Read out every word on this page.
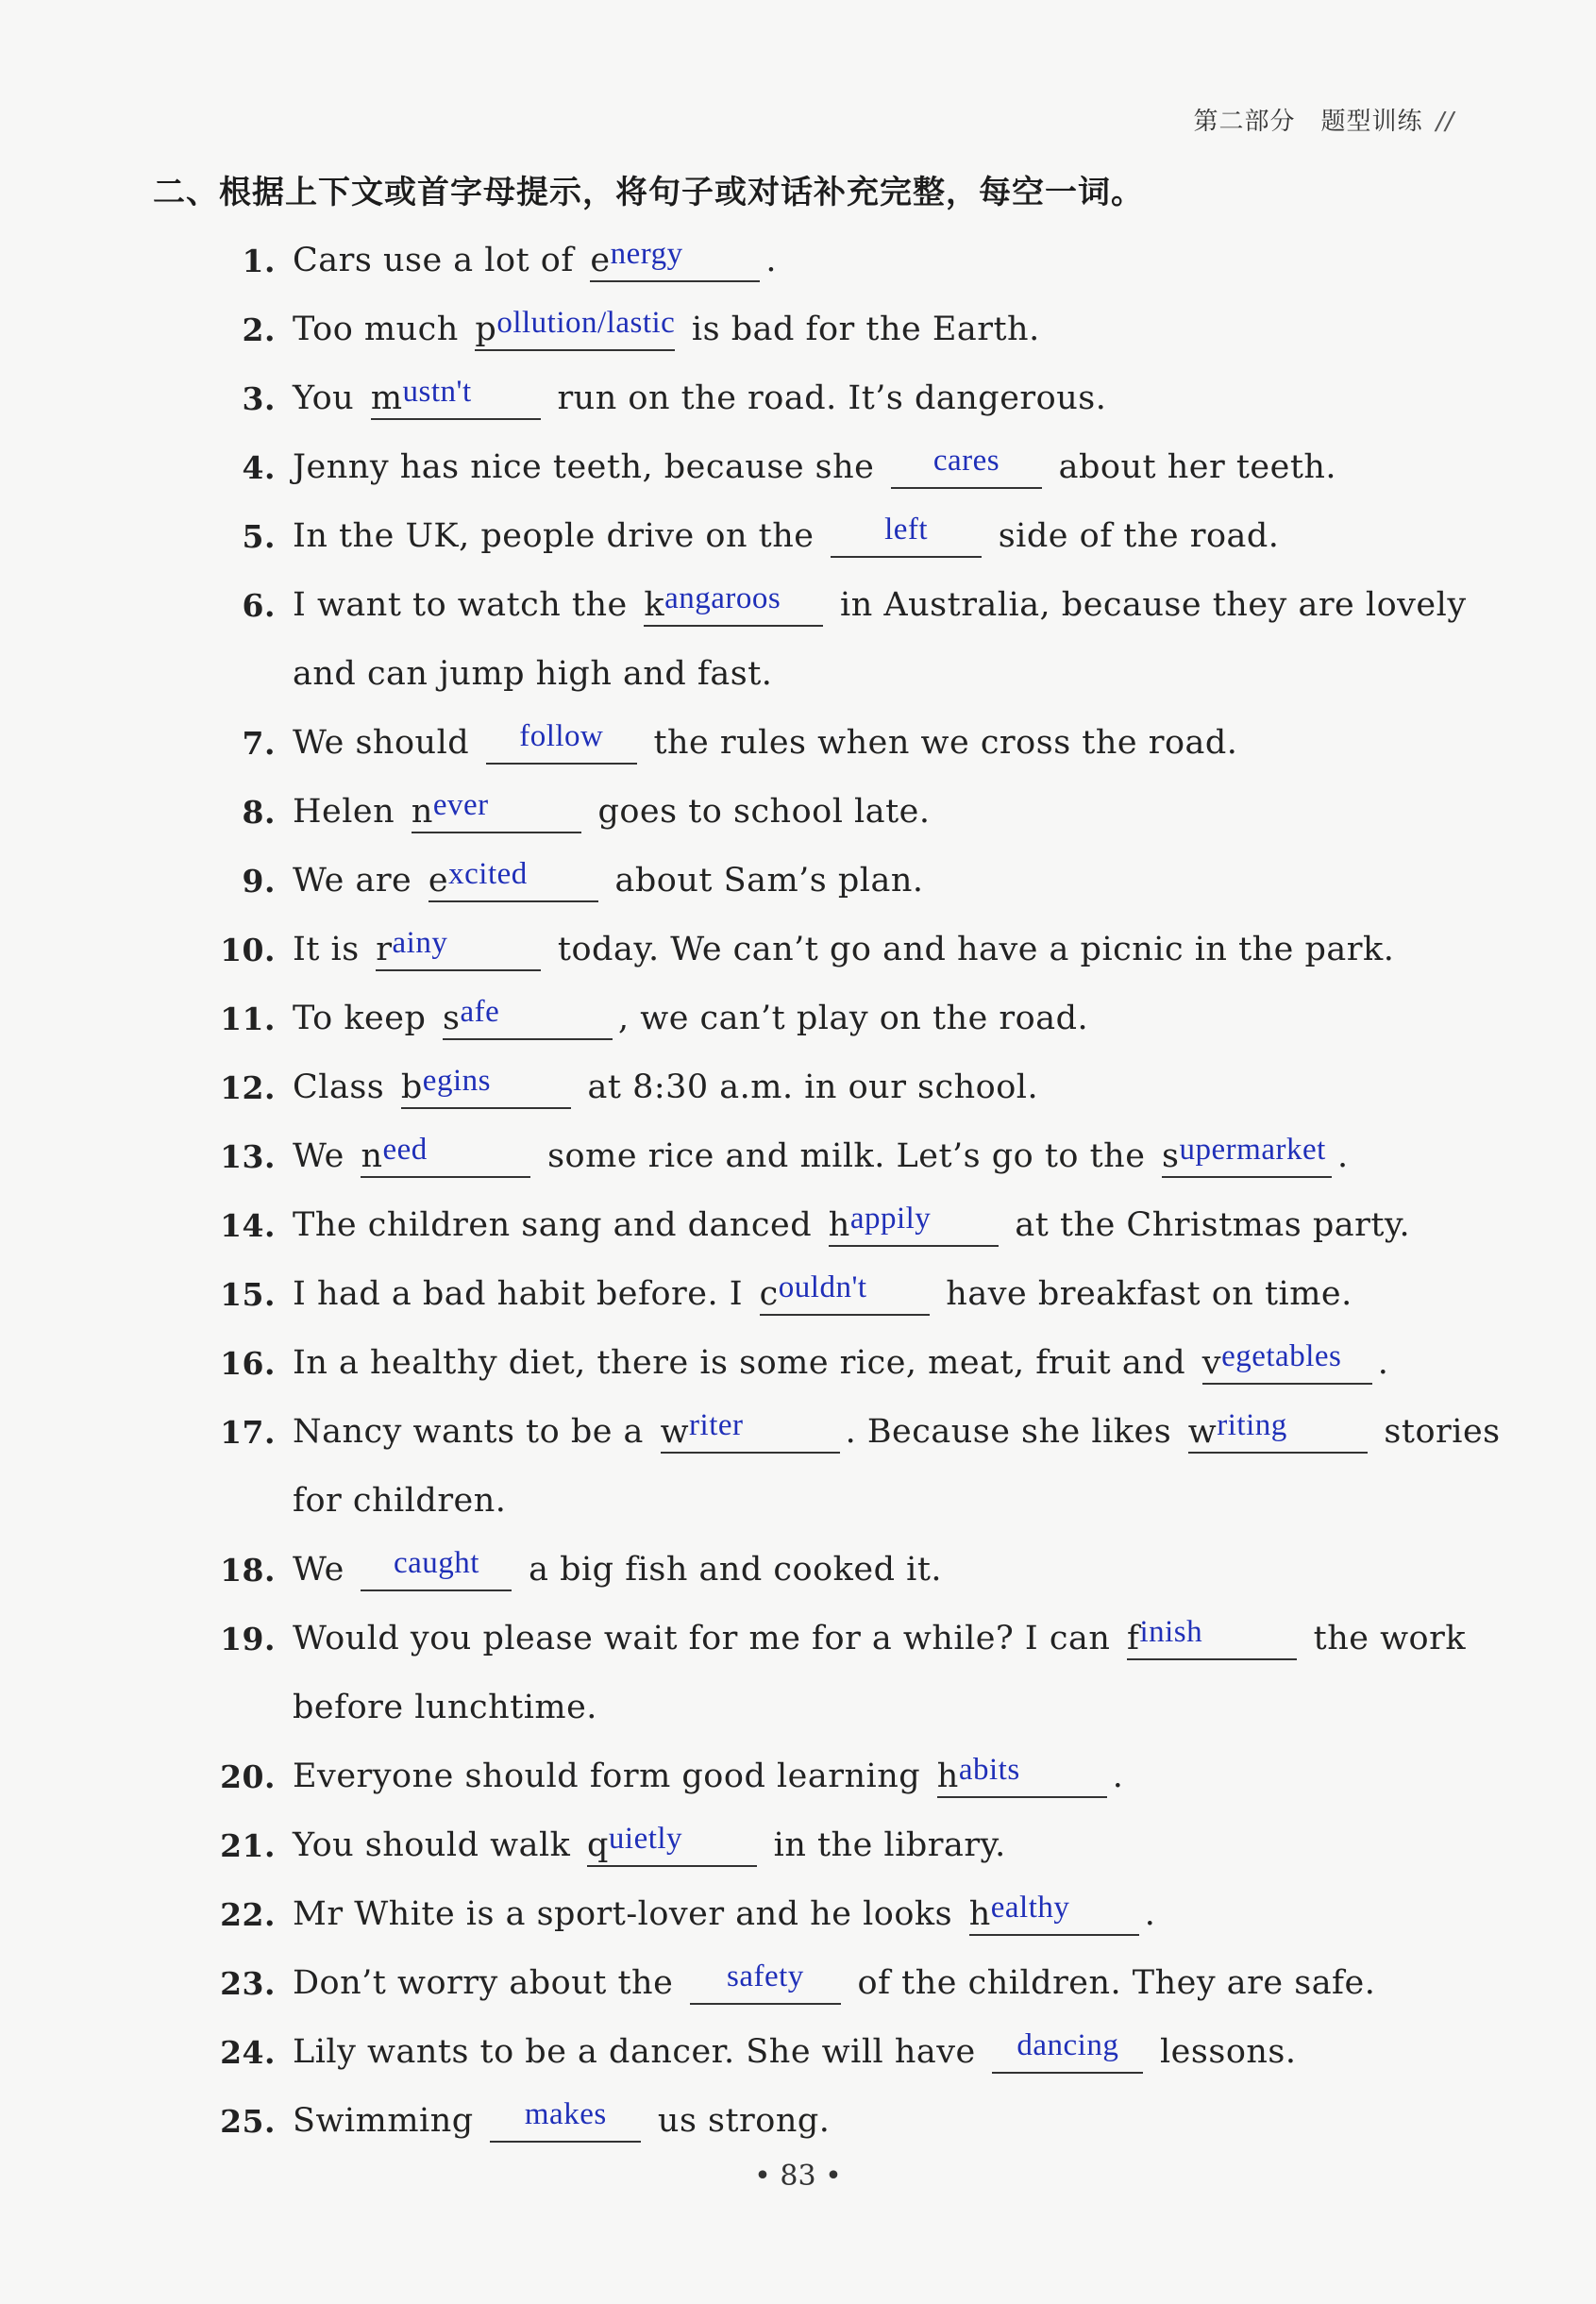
第二部分　题型训练 //
二、根据上下文或首字母提示，将句子或对话补充完整，每空一词。
1. Cars use a lot of energy	.
2. Too much pollution/lastic is bad for the Earth.
3. You mustn't run on the road. It’s dangerous.
4. Jenny has nice teeth, because she cares about her teeth.
5. In the UK, people drive on the left side of the road.
6. I want to watch the kangaroos in Australia, because they are lovely
and can jump high and fast.
7. We should follow the rules when we cross the road.
8. Helen never	goes to school late.
9. We are excited about Sam’s plan.
10. It is rainy	today. We can’t go and have a picnic in the park.
11. To keep safe	, we can’t play on the road.
12. Class begins	at 8:30 a.m. in our school.
13. We need	some rice and milk. Let’s go to the supermarket .
14. The children sang and danced happily at the Christmas party.
15. I had a bad habit before. I couldn't have breakfast on time.
16. In a healthy diet, there is some rice, meat, fruit and vegetables .
17. Nancy wants to be a writer	. Because she likes writing	stories
for children.
18. We caught a big fish and cooked it.
19. Would you please wait for me for a while? I can finish	the work
before lunchtime.
20. Everyone should form good learning habits	.
21. You should walk quietly in the library.
22. Mr White is a sport-lover and he looks healthy .
23. Don’t worry about the safety of the children. They are safe.
24. Lily wants to be a dancer. She will have dancing lessons.
25. Swimming makes us strong.
• 83 •
